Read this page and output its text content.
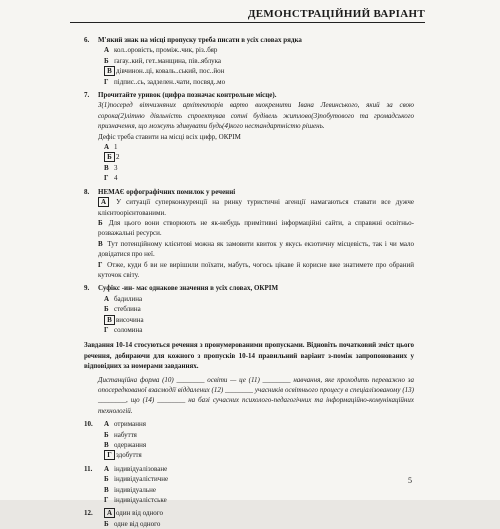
ДЕМОНСТРАЦІЙНИЙ ВАРІАНТ
6.	М'який знак на місці пропуску треба писати в усіх словах рядка
А кол..оровість, проміж..чик, різ..бяр
Б ґагау..кий, гет..манщина, пів..яблука
В дівчинон..ці, коваль..ський, пос..йон
Г підпис..сь, задзелен..чати, посвяд..мо
7.	Прочитайте уривок (цифра позначає контрольне місце).
З(1)посеред вітчизняних архітекторів варто виокремити Івана Левинського, який за свою сорока(2)літню діяльність спроектував сотні будівель житлово(3)побутового та громадського призначення, що можуть здивувати будь(4)кого нестандартністю рішень.
Дефіс треба ставити на місці всіх цифр, ОКРІМ
А 1
Б 2
В 3
Г 4
8.	НЕМАЄ орфографічних помилок у реченні
А У ситуації суперконкуренції на ринку туристичні агенції намагаються ставати все дужче клієнтоорієнтованими.
Б Для цього вони створюють не як-небудь примітивні інформаційні сайти, а справжні освітньо-розважальні ресурси.
В Тут потенційному клієнтові можна як замовити квиток у якусь екзотичну місцевість, так і чи мало довідатися про неї.
Г Отже, куди б ви не вирішили поїхати, мабуть, чогось цікаве й корисне вже знатимете про обраний куточок світу.
9.	Суфікс -ин- має однакове значення в усіх словах, ОКРІМ
А бадилина
Б стеблина
В височина
Г соломина
Завдання 10-14 стосуються речення з пронумерованими пропусками. Відновіть початковий зміст цього речення, добираючи для кожного з пропусків 10-14 правильний варіант з-поміж запропонованих у відповідних за номерами завданнях.
Дистанційна форма (10) ________ освіти — це (11) ________ навчання, яке проходить переважно за опосередкованої взаємодії віддалених (12) ________ учасників освітнього процесу в спеціалізованому (13) ________, що (14) ________ на базі сучасних психолого-педагогічних та інформаційно-комунікаційних технологій.
10.	А отримання
Б набуття
В одержання
Г здобуття
11.	А індивідуалізоване
Б індивідуалістичне
В індивідуальне
Г індивідуалістське
12.	А один від одного
Б одне від одного
5
